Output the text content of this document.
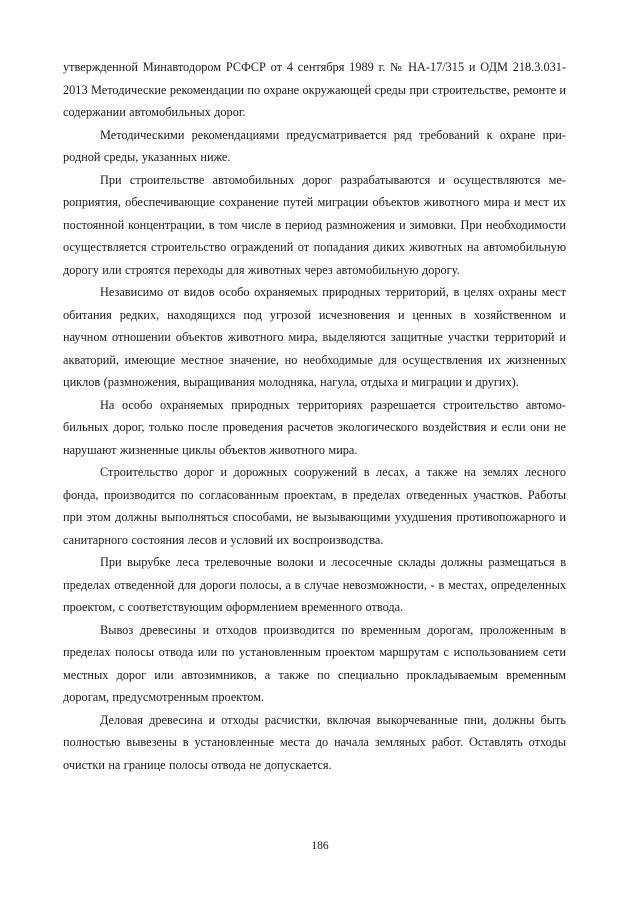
утвержденной Минавтодором РСФСР от 4 сентября 1989 г. № НА-17/315 и ОДМ 218.3.031-2013 Методические рекомендации по охране окружающей среды при строительстве, ремонте и содержании автомобильных дорог.

Методическими рекомендациями предусматривается ряд требований к охране природной среды, указанных ниже.

При строительстве автомобильных дорог разрабатываются и осуществляются мероприятия, обеспечивающие сохранение путей миграции объектов животного мира и мест их постоянной концентрации, в том числе в период размножения и зимовки. При необходимости осуществляется строительство ограждений от попадания диких животных на автомобильную дорогу или строятся переходы для животных через автомобильную дорогу.

Независимо от видов особо охраняемых природных территорий, в целях охраны мест обитания редких, находящихся под угрозой исчезновения и ценных в хозяйственном и научном отношении объектов животного мира, выделяются защитные участки территорий и акваторий, имеющие местное значение, но необходимые для осуществления их жизненных циклов (размножения, выращивания молодняка, нагула, отдыха и миграции и других).

На особо охраняемых природных территориях разрешается строительство автомобильных дорог, только после проведения расчетов экологического воздействия и если они не нарушают жизненные циклы объектов животного мира.

Строительство дорог и дорожных сооружений в лесах, а также на землях лесного фонда, производится по согласованным проектам, в пределах отведенных участков. Работы при этом должны выполняться способами, не вызывающими ухудшения противопожарного и санитарного состояния лесов и условий их воспроизводства.

При вырубке леса трелевочные волоки и лесосечные склады должны размещаться в пределах отведенной для дороги полосы, а в случае невозможности, - в местах, определенных проектом, с соответствующим оформлением временного отвода.

Вывоз древесины и отходов производится по временным дорогам, проложенным в пределах полосы отвода или по установленным проектом маршрутам с использованием сети местных дорог или автозимников, а также по специально прокладываемым временным дорогам, предусмотренным проектом.

Деловая древесина и отходы расчистки, включая выкорчеванные пни, должны быть полностью вывезены в установленные места до начала земляных работ. Оставлять отходы очистки на границе полосы отвода не допускается.

186
